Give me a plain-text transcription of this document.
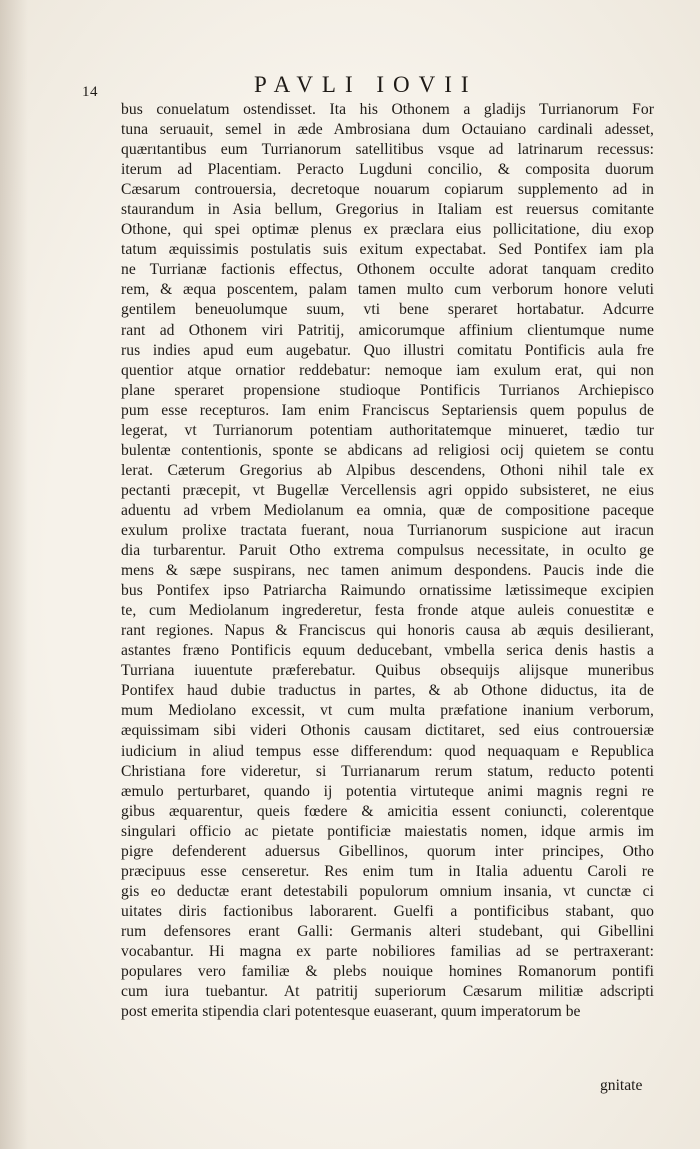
14	PAVLI IOVII
bus conuelatum ostendisset. Ita his Othonem a gladijs Turrianorum For
tuna seruauit, semel in æde Ambrosiana dum Octauiano cardinali adesset,
quærıtantibus eum Turrianorum satellitibus vsque ad latrinarum recessus:
iterum ad Placentiam. Peracto Lugduni concilio, & composita duorum
Cæsarum controuersia, decretoque nouarum copiarum supplemento ad in
staurandum in Asia bellum, Gregorius in Italiam est reuersus comitante
Othone, qui spei optimæ plenus ex præclara eius pollicitatione, diu exop
tatum æquissimis postulatis suis exitum expectabat. Sed Pontifex iam pla
ne Turrianæ factionis effectus, Othonem occulte adorat tanquam credito
rem, & æqua poscentem, palam tamen multo cum verborum honore veluti
gentilem beneuolumque suum, vti bene speraret hortabatur. Adcurre
rant ad Othonem viri Patritij, amicorumque affinium clientumque nume
rus indies apud eum augebatur. Quo illustri comitatu Pontificis aula fre
quentior atque ornatior reddebatur: nemoque iam exulum erat, qui non
plane speraret propensione studioque Pontificis Turrianos Archiepisco
pum esse recepturos. Iam enim Franciscus Septariensis quem populus de
legerat, vt Turrianorum potentiam authoritatemque minueret, tædio tur
bulentæ contentionis, sponte se abdicans ad religiosi ocij quietem se contu
lerat. Cæterum Gregorius ab Alpibus descendens, Othoni nihil tale ex
pectanti præcepit, vt Bugellæ Vercellensis agri oppido subsisteret, ne eius
aduentu ad vrbem Mediolanum ea omnia, quæ de compositione paceque
exulum prolixe tractata fuerant, noua Turrianorum suspicione aut iracun
dia turbarentur. Paruit Otho extrema compulsus necessitate, in oculto ge
mens & sæpe suspirans, nec tamen animum despondens. Paucis inde die
bus Pontifex ipso Patriarcha Raimundo ornatissime lætissimeque excipien
te, cum Mediolanum ingrederetur, festa fronde atque auleis conuestitæ e
rant regiones. Napus & Franciscus qui honoris causa ab æquis desilierant,
astantes fræno Pontificis equum deducebant, vmbella serica denis hastis a
Turriana iuuentute præferebatur. Quibus obsequijs alijsque muneribus
Pontifex haud dubie traductus in partes, & ab Othone diductus, ita de
mum Mediolano excessit, vt cum multa præfatione inanium verborum,
æquissimam sibi videri Othonis causam dictitaret, sed eius controuersiæ
iudicium in aliud tempus esse differendum: quod nequaquam e Republica
Christiana fore videretur, si Turrianarum rerum statum, reducto potenti
æmulo perturbaret, quando ij potentia virtuteque animi magnis regni re
gibus æquarentur, queis fœdere & amicitia essent coniuncti, colerentque
singulari officio ac pietate pontificiæ maiestatis nomen, idque armis im
pigre defenderent aduersus Gibellinos, quorum inter principes, Otho
præcipuus esse censeretur. Res enim tum in Italia aduentu Caroli re
gis eo deductæ erant detestabili populorum omnium insania, vt cunctæ ci
uitates diris factionibus laborarent. Guelfi a pontificibus stabant, quo
rum defensores erant Galli: Germanis alteri studebant, qui Gibellini
vocabantur. Hi magna ex parte nobiliores familias ad se pertraxerant:
populares vero familiæ & plebs nouique homines Romanorum pontifi
cum iura tuebantur. At patritij superiorum Cæsarum militiæ adscripti
post emerita stipendia clari potentesque euaserant, quum imperatorum be
gnitate
